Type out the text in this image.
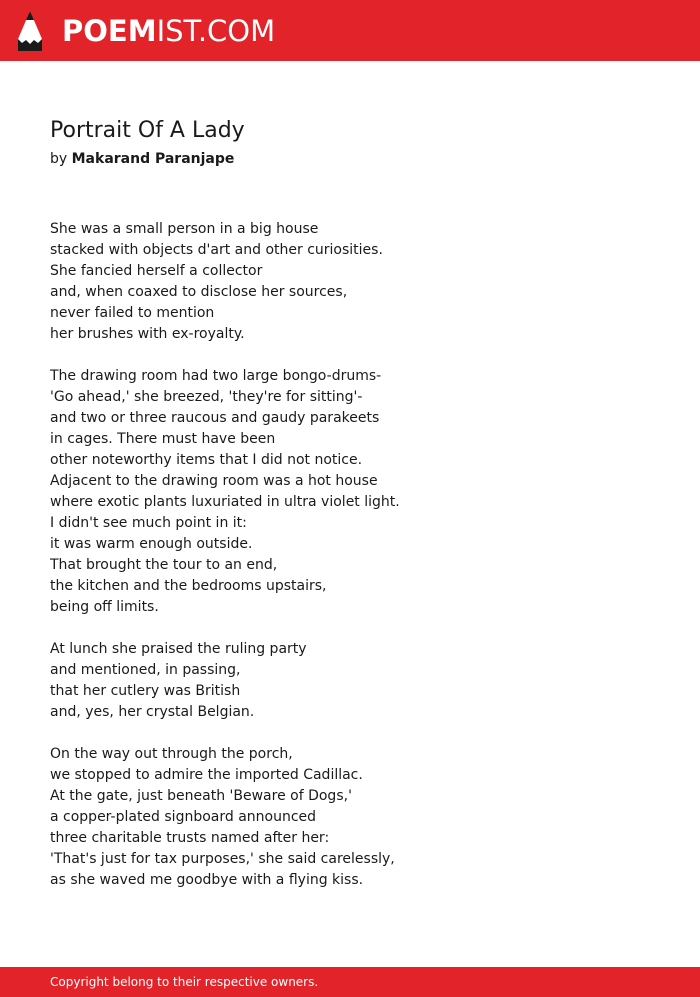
POEMIST.COM
Portrait Of A Lady
by Makarand Paranjape
She was a small person in a big house
stacked with objects d'art and other curiosities.
She fancied herself a collector
and, when coaxed to disclose her sources,
never failed to mention
her brushes with ex-royalty.
The drawing room had two large bongo-drums-
'Go ahead,' she breezed, 'they're for sitting'-
and two or three raucous and gaudy parakeets
in cages. There must have been
other noteworthy items that I did not notice.
Adjacent to the drawing room was a hot house
where exotic plants luxuriated in ultra violet light.
I didn't see much point in it:
it was warm enough outside.
That brought the tour to an end,
the kitchen and the bedrooms upstairs,
being off limits.
At lunch she praised the ruling party
and mentioned, in passing,
that her cutlery was British
and, yes, her crystal Belgian.
On the way out through the porch,
we stopped to admire the imported Cadillac.
At the gate, just beneath 'Beware of Dogs,'
a copper-plated signboard announced
three charitable trusts named after her:
'That's just for tax purposes,' she said carelessly,
as she waved me goodbye with a flying kiss.
Copyright belong to their respective owners.
